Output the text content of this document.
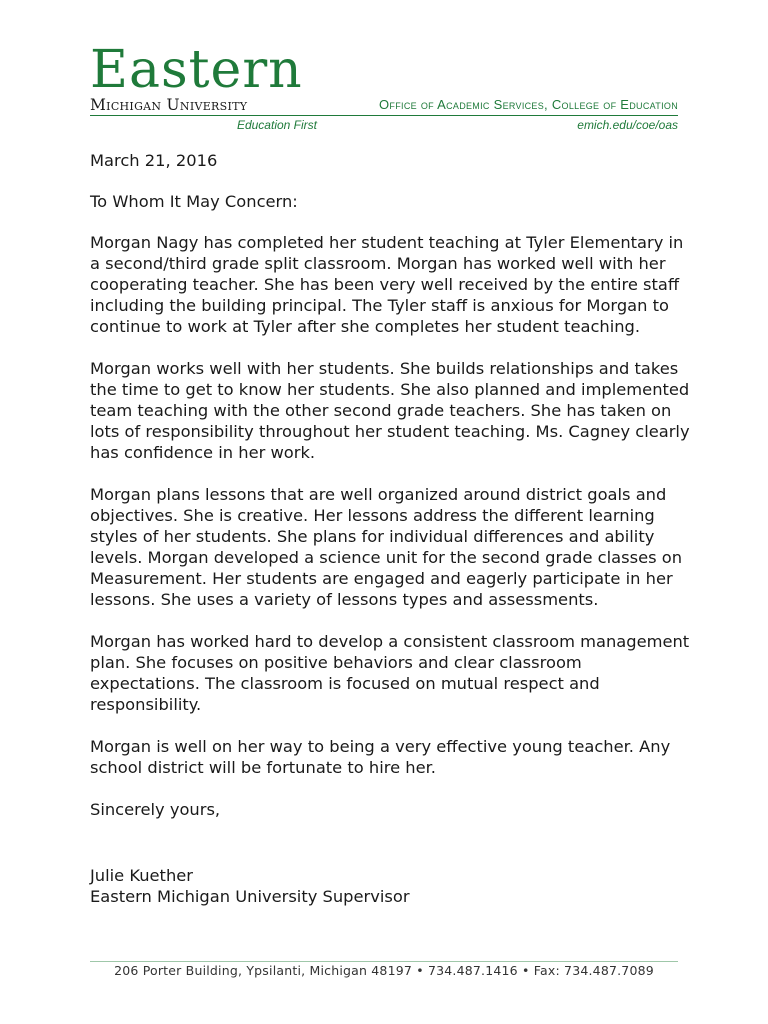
Eastern
Michigan University	Office of Academic Services, College of Education
Education First	emich.edu/coe/oas

March 21, 2016

To Whom It May Concern:

Morgan Nagy has completed her student teaching at Tyler Elementary in a second/third grade split classroom. Morgan has worked well with her cooperating teacher. She has been very well received by the entire staff including the building principal. The Tyler staff is anxious for Morgan to continue to work at Tyler after she completes her student teaching.

Morgan works well with her students. She builds relationships and takes the time to get to know her students. She also planned and implemented team teaching with the other second grade teachers. She has taken on lots of responsibility throughout her student teaching. Ms. Cagney clearly has confidence in her work.

Morgan plans lessons that are well organized around district goals and objectives. She is creative. Her lessons address the different learning styles of her students. She plans for individual differences and ability levels. Morgan developed a science unit for the second grade classes on Measurement. Her students are engaged and eagerly participate in her lessons. She uses a variety of lessons types and assessments.

Morgan has worked hard to develop a consistent classroom management plan. She focuses on positive behaviors and clear classroom expectations. The classroom is focused on mutual respect and responsibility.

Morgan is well on her way to being a very effective young teacher. Any school district will be fortunate to hire her.

Sincerely yours,

Julie Kuether

Eastern Michigan University Supervisor

206 Porter Building, Ypsilanti, Michigan 48197 • 734.487.1416 • Fax: 734.487.7089
